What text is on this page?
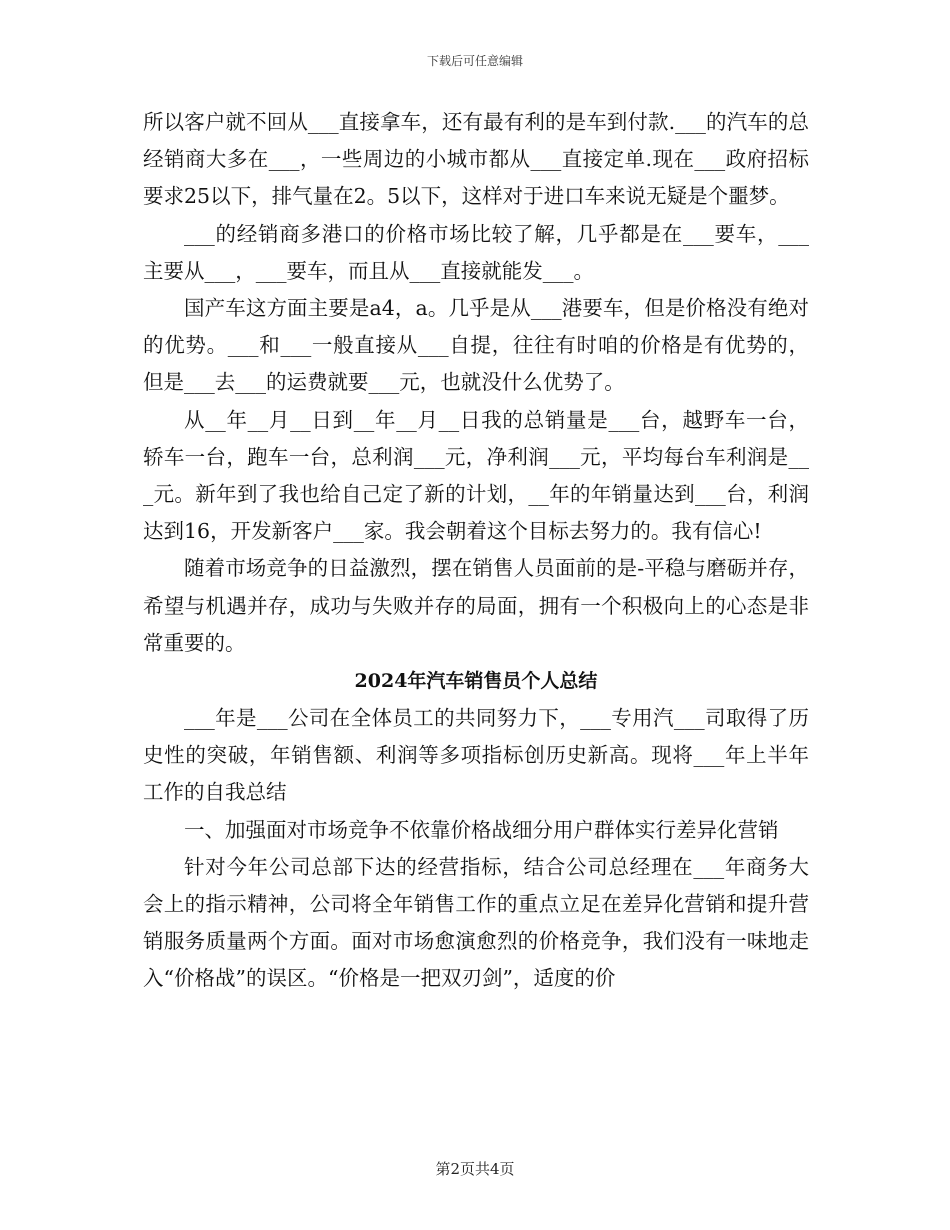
下载后可任意编辑

所以客户就不回从___直接拿车，还有最有利的是车到付款.___的汽车的总经销商大多在___，一些周边的小城市都从___直接定单.现在___政府招标要求25以下，排气量在2。5以下，这样对于进口车来说无疑是个噩梦。

___的经销商多港口的价格市场比较了解，几乎都是在___要车，___主要从___，___要车，而且从___直接就能发___。

国产车这方面主要是a4，a。几乎是从___港要车，但是价格没有绝对的优势。___和___一般直接从___自提，往往有时咱的价格是有优势的，但是___去___的运费就要___元，也就没什么优势了。

从__年__月__日到__年__月__日我的总销量是___台，越野车一台，轿车一台，跑车一台，总利润___元，净利润___元，平均每台车利润是___元。新年到了我也给自己定了新的计划，__年的年销量达到___台，利润达到16，开发新客户___家。我会朝着这个目标去努力的。我有信心!

随着市场竞争的日益激烈，摆在销售人员面前的是-平稳与磨砺并存，希望与机遇并存，成功与失败并存的局面，拥有一个积极向上的心态是非常重要的。

2024年汽车销售员个人总结

___年是___公司在全体员工的共同努力下，___专用汽___司取得了历史性的突破，年销售额、利润等多项指标创历史新高。现将___年上半年工作的自我总结

一、加强面对市场竞争不依靠价格战细分用户群体实行差异化营销

针对今年公司总部下达的经营指标，结合公司总经理在___年商务大会上的指示精神，公司将全年销售工作的重点立足在差异化营销和提升营销服务质量两个方面。面对市场愈演愈烈的价格竞争，我们没有一味地走入“价格战”的误区。“价格是一把双刃剑”，适度的价

第2页共4页
